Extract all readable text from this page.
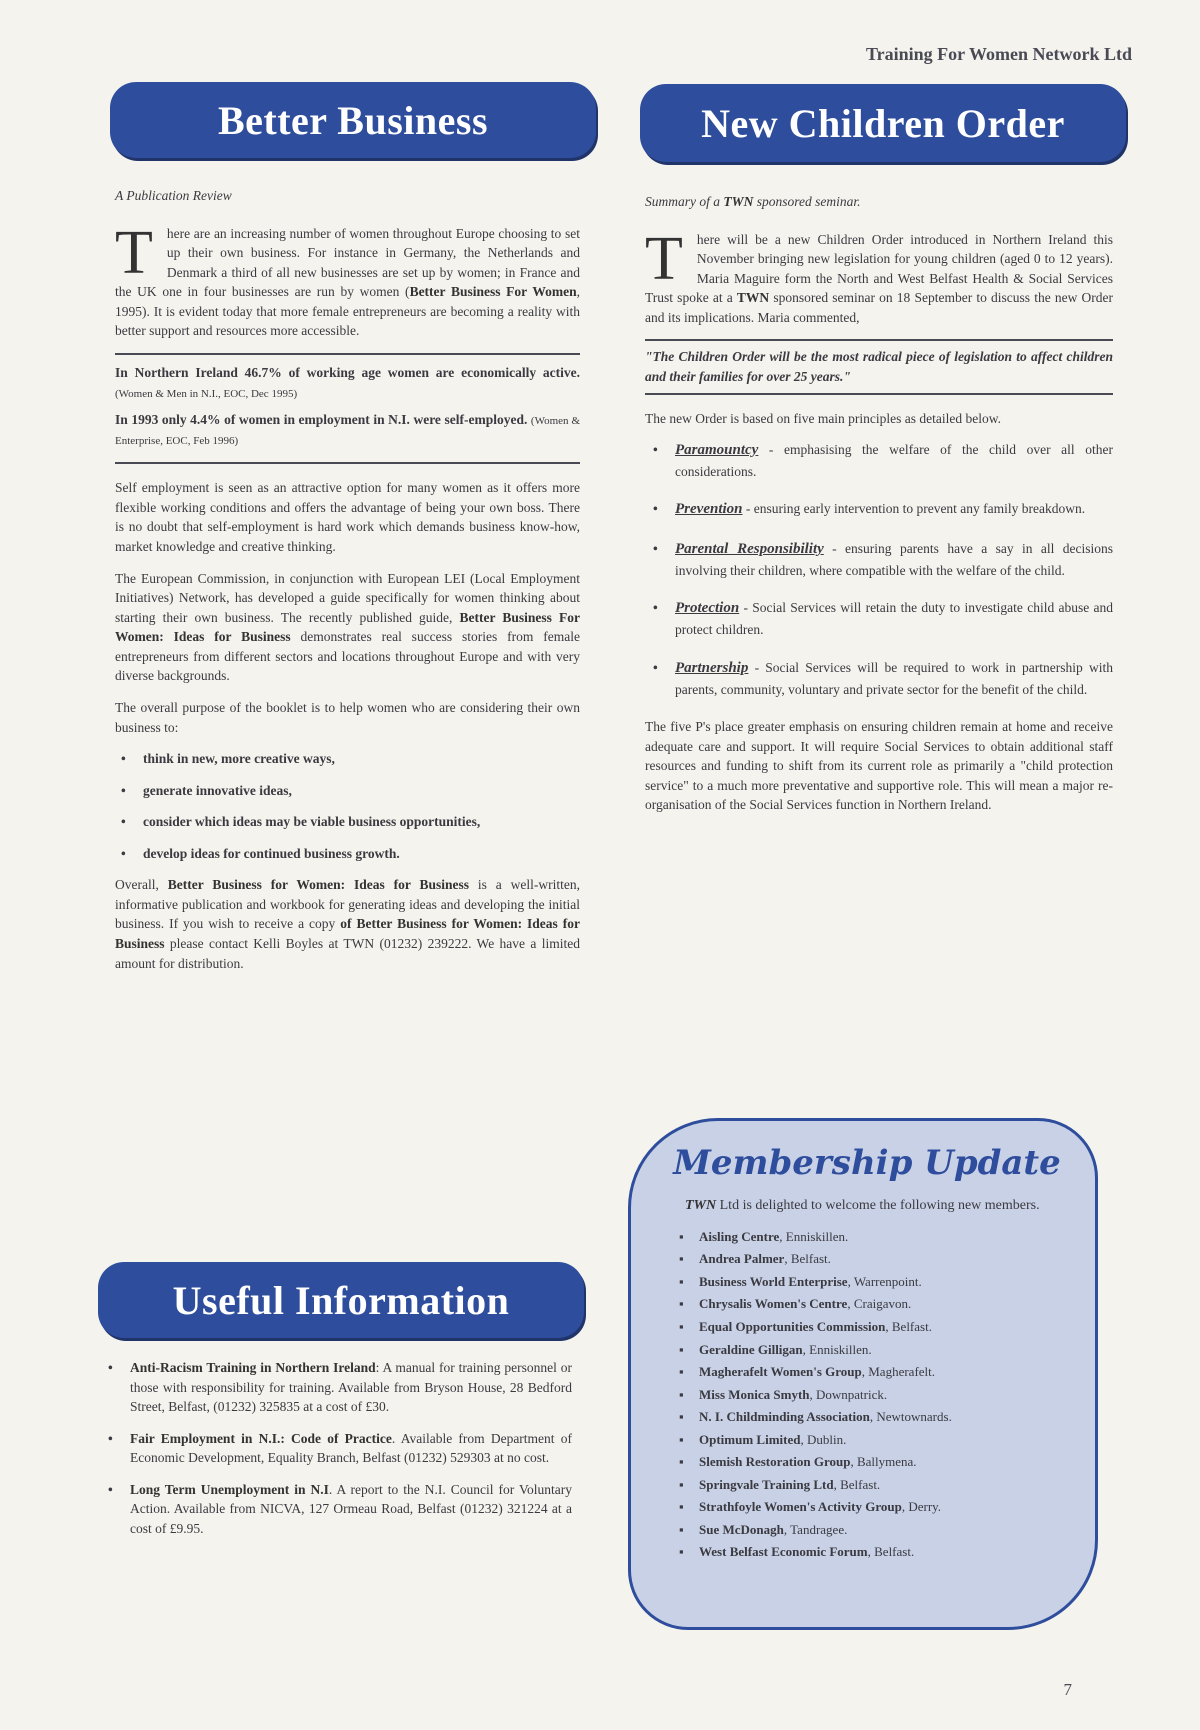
Training For Women Network Ltd
Better Business

A Publication Review

T here are an increasing number of women throughout Europe choosing to set up their own business. For instance in Germany, the Netherlands and Denmark a third of all new businesses are set up by women; in France and the UK one in four businesses are run by women (Better Business For Women, 1995). It is evident today that more female entrepreneurs are becoming a reality with better support and resources more accessible.

In Northern Ireland 46.7% of working age women are economically active. (Women & Men in N.I., EOC, Dec 1995)

In 1993 only 4.4% of women in employment in N.I. were self-employed. (Women & Enterprise, EOC, Feb 1996)

Self employment is seen as an attractive option for many women as it offers more flexible working conditions and offers the advantage of being your own boss. There is no doubt that self-employment is hard work which demands business know-how, market knowledge and creative thinking.

The European Commission, in conjunction with European LEI (Local Employment Initiatives) Network, has developed a guide specifically for women thinking about starting their own business. The recently published guide, Better Business For Women: Ideas for Business demonstrates real success stories from female entrepreneurs from different sectors and locations throughout Europe and with very diverse backgrounds.

The overall purpose of the booklet is to help women who are considering their own business to:

• think in new, more creative ways,
• generate innovative ideas,
• consider which ideas may be viable business opportunities,
• develop ideas for continued business growth.

Overall, Better Business for Women: Ideas for Business is a well-written, informative publication and workbook for generating ideas and developing the initial business. If you wish to receive a copy of Better Business for Women: Ideas for Business please contact Kelli Boyles at TWN (01232) 239222. We have a limited amount for distribution.

Useful Information
• Anti-Racism Training in Northern Ireland: A manual for training personnel or those with responsibility for training. Available from Bryson House, 28 Bedford Street, Belfast, (01232) 325835 at a cost of £30.
• Fair Employment in N.I.: Code of Practice. Available from Department of Economic Development, Equality Branch, Belfast (01232) 529303 at no cost.
• Long Term Unemployment in N.I. A report to the N.I. Council for Voluntary Action. Available from NICVA, 127 Ormeau Road, Belfast (01232) 321224 at a cost of £9.95.
New Children Order

Summary of a TWN sponsored seminar.

T here will be a new Children Order introduced in Northern Ireland this November bringing new legislation for young children (aged 0 to 12 years). Maria Maguire form the North and West Belfast Health & Social Services Trust spoke at a TWN sponsored seminar on 18 September to discuss the new Order and its implications. Maria commented,

"The Children Order will be the most radical piece of legislation to affect children and their families for over 25 years."

The new Order is based on five main principles as detailed below.

• Paramountcy - emphasising the welfare of the child over all other considerations.
• Prevention - ensuring early intervention to prevent any family breakdown.
• Parental Responsibility - ensuring parents have a say in all decisions involving their children, where compatible with the welfare of the child.
• Protection - Social Services will retain the duty to investigate child abuse and protect children.
• Partnership - Social Services will be required to work in partnership with parents, community, voluntary and private sector for the benefit of the child.

The five P's place greater emphasis on ensuring children remain at home and receive adequate care and support. It will require Social Services to obtain additional staff resources and funding to shift from its current role as primarily a "child protection service" to a much more preventative and supportive role. This will mean a major re-organisation of the Social Services function in Northern Ireland.

Membership Update

TWN Ltd is delighted to welcome the following new members.

▪ Aisling Centre, Enniskillen.
▪ Andrea Palmer, Belfast.
▪ Business World Enterprise, Warrenpoint.
▪ Chrysalis Women's Centre, Craigavon.
▪ Equal Opportunities Commission, Belfast.
▪ Geraldine Gilligan, Enniskillen.
▪ Magherafelt Women's Group, Magherafelt.
▪ Miss Monica Smyth, Downpatrick.
▪ N. I. Childminding Association, Newtownards.
▪ Optimum Limited, Dublin.
▪ Slemish Restoration Group, Ballymena.
▪ Springvale Training Ltd, Belfast.
▪ Strathfoyle Women's Activity Group, Derry.
▪ Sue McDonagh, Tandragee.
▪ West Belfast Economic Forum, Belfast.
7
